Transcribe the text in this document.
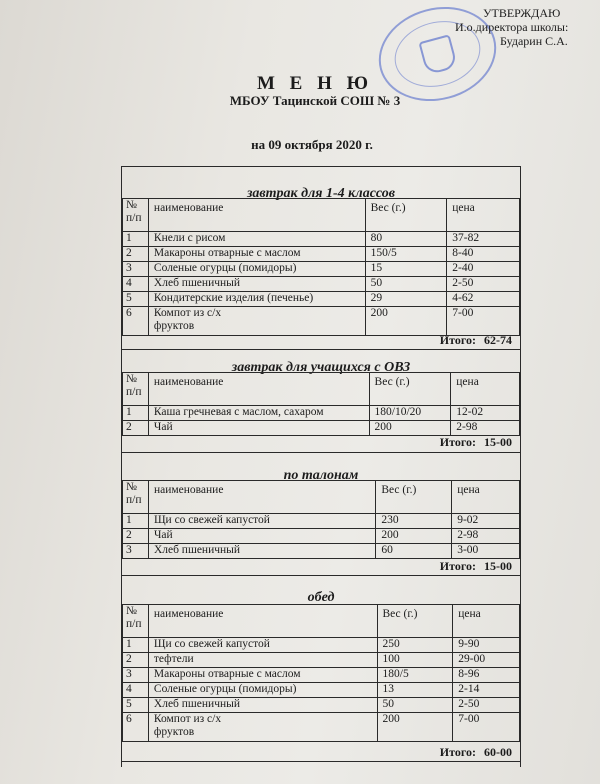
УТВЕРЖДАЮ
И.о.директора школы:
Бударин С.А.
М Е Н Ю
МБОУ Тацинской СОШ № 3
на 09 октября 2020 г.
завтрак для 1-4 классов
№ п/п	наименование	Вес (г.)	цена
1	Кнели с рисом	80	37-82
2	Макароны отварные с маслом	150/5	8-40
3	Соленые огурцы (помидоры)	15	2-40
4	Хлеб пшеничный	50	2-50
5	Кондитерские изделия (печенье)	29	4-62
6	Компот из с/х фруктов	200	7-00
Итого: 62-74
завтрак для учащихся с ОВЗ
№ п/п	наименование	Вес (г.)	цена
1	Каша гречневая с маслом, сахаром	180/10/20	12-02
2	Чай	200	2-98
Итого: 15-00
по талонам
№ п/п	наименование	Вес (г.)	цена
1	Щи со свежей капустой	230	9-02
2	Чай	200	2-98
3	Хлеб пшеничный	60	3-00
Итого: 15-00
обед
№ п/п	наименование	Вес (г.)	цена
1	Щи со свежей капустой	250	9-90
2	тефтели	100	29-00
3	Макароны отварные с маслом	180/5	8-96
4	Соленые огурцы (помидоры)	13	2-14
5	Хлеб пшеничный	50	2-50
6	Компот из с/х фруктов	200	7-00
Итого: 60-00
